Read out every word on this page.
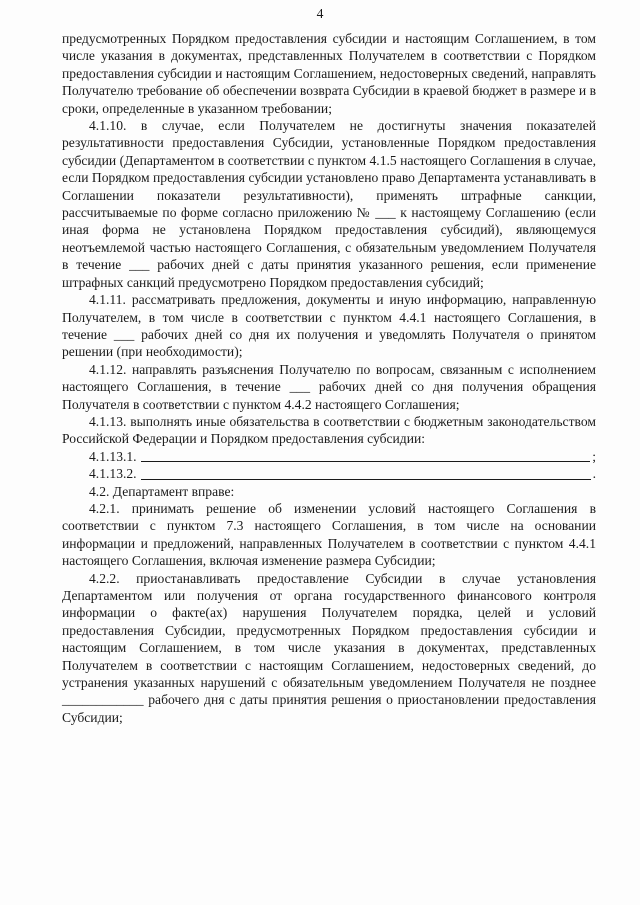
4

предусмотренных Порядком предоставления субсидии и настоящим Соглашением, в том числе указания в документах, представленных Получателем в соответствии с Порядком предоставления субсидии и настоящим Соглашением, недостоверных сведений, направлять Получателю требование об обеспечении возврата Субсидии в краевой бюджет в размере и в сроки, определенные в указанном требовании;

4.1.10. в случае, если Получателем не достигнуты значения показателей результативности предоставления Субсидии, установленные Порядком предоставления субсидии (Департаментом в соответствии с пунктом 4.1.5 настоящего Соглашения в случае, если Порядком предоставления субсидии установлено право Департамента устанавливать в Соглашении показатели результативности), применять штрафные санкции, рассчитываемые по форме согласно приложению № ___ к настоящему Соглашению (если иная форма не установлена Порядком предоставления субсидий), являющемуся неотъемлемой частью настоящего Соглашения, с обязательным уведомлением Получателя в течение ___ рабочих дней с даты принятия указанного решения, если применение штрафных санкций предусмотрено Порядком предоставления субсидий;

4.1.11. рассматривать предложения, документы и иную информацию, направленную Получателем, в том числе в соответствии с пунктом 4.4.1 настоящего Соглашения, в течение ___ рабочих дней со дня их получения и уведомлять Получателя о принятом решении (при необходимости);

4.1.12. направлять разъяснения Получателю по вопросам, связанным с исполнением настоящего Соглашения, в течение ___ рабочих дней со дня получения обращения Получателя в соответствии с пунктом 4.4.2 настоящего Соглашения;

4.1.13. выполнять иные обязательства в соответствии с бюджетным законодательством Российской Федерации и Порядком предоставления субсидии:

4.1.13.1.	;
4.1.13.2.	.

4.2. Департамент вправе:

4.2.1. принимать решение об изменении условий настоящего Соглашения в соответствии с пунктом 7.3 настоящего Соглашения, в том числе на основании информации и предложений, направленных Получателем в соответствии с пунктом 4.4.1 настоящего Соглашения, включая изменение размера Субсидии;

4.2.2. приостанавливать предоставление Субсидии в случае установления Департаментом или получения от органа государственного финансового контроля информации о факте(ах) нарушения Получателем порядка, целей и условий предоставления Субсидии, предусмотренных Порядком предоставления субсидии и настоящим Соглашением, в том числе указания в документах, представленных Получателем в соответствии с настоящим Соглашением, недостоверных сведений, до устранения указанных нарушений с обязательным уведомлением Получателя не позднее ____________ рабочего дня с даты принятия решения о приостановлении предоставления Субсидии;
